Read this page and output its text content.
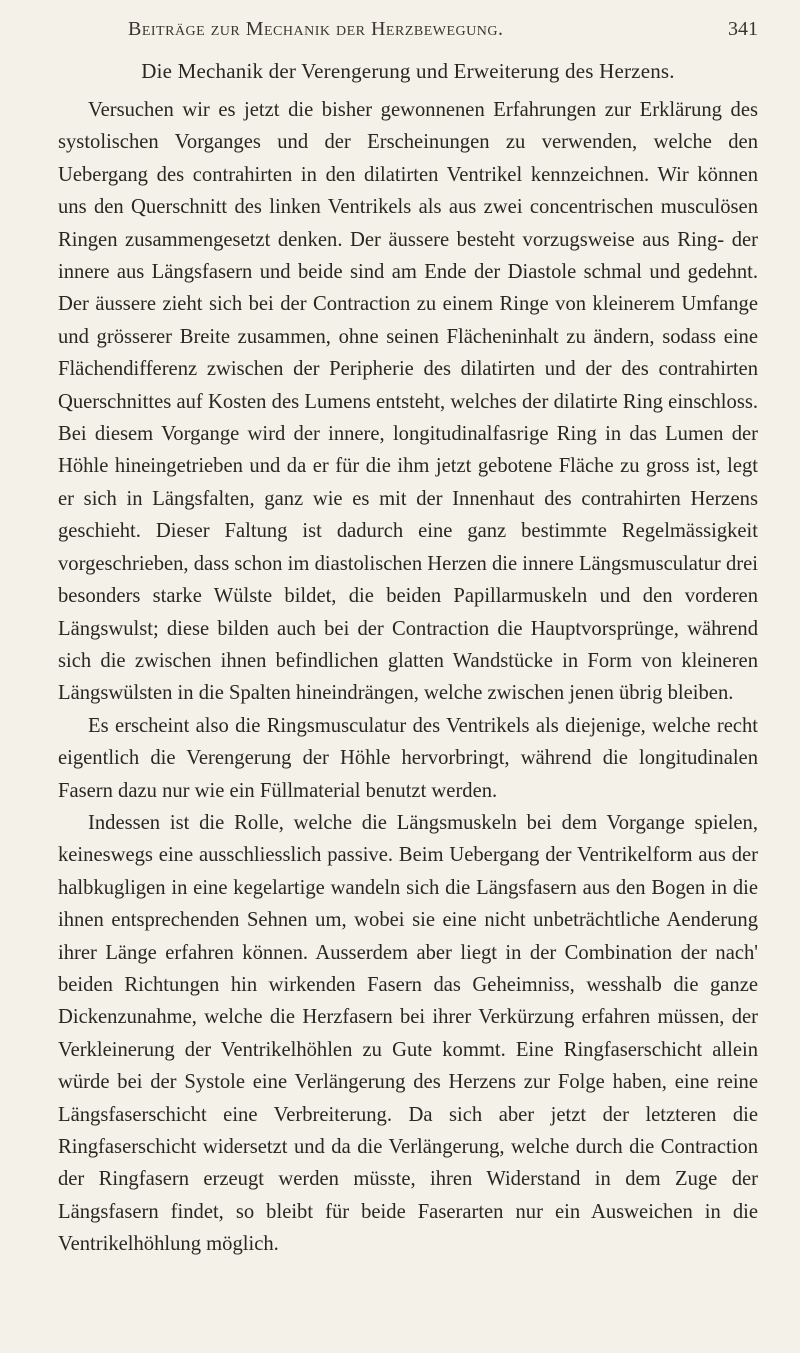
Beiträge zur Mechanik der Herzbewegung.	341
Die Mechanik der Verengerung und Erweiterung des Herzens.

Versuchen wir es jetzt die bisher gewonnenen Erfahrungen zur Erklärung des systolischen Vorganges und der Erscheinungen zu verwenden, welche den Uebergang des contrahirten in den dilatirten Ventrikel kennzeichnen. Wir können uns den Querschnitt des linken Ventrikels als aus zwei concentrischen musculösen Ringen zusammengesetzt denken. Der äussere besteht vorzugsweise aus Ring- der innere aus Längsfasern und beide sind am Ende der Diastole schmal und gedehnt. Der äussere zieht sich bei der Contraction zu einem Ringe von kleinerem Umfange und grösserer Breite zusammen, ohne seinen Flächeninhalt zu ändern, sodass eine Flächendifferenz zwischen der Peripherie des dilatirten und der des contrahirten Querschnittes auf Kosten des Lumens entsteht, welches der dilatirte Ring einschloss. Bei diesem Vorgange wird der innere, longitudinalfasrige Ring in das Lumen der Höhle hineingetrieben und da er für die ihm jetzt gebotene Fläche zu gross ist, legt er sich in Längsfalten, ganz wie es mit der Innenhaut des contrahirten Herzens geschieht. Dieser Faltung ist dadurch eine ganz bestimmte Regelmässigkeit vorgeschrieben, dass schon im diastolischen Herzen die innere Längsmusculatur drei besonders starke Wülste bildet, die beiden Papillarmuskeln und den vorderen Längswulst; diese bilden auch bei der Contraction die Hauptvorsprünge, während sich die zwischen ihnen befindlichen glatten Wandstücke in Form von kleineren Längswülsten in die Spalten hineindrängen, welche zwischen jenen übrig bleiben.

Es erscheint also die Ringsmusculatur des Ventrikels als diejenige, welche recht eigentlich die Verengerung der Höhle hervorbringt, während die longitudinalen Fasern dazu nur wie ein Füllmaterial benutzt werden.

Indessen ist die Rolle, welche die Längsmuskeln bei dem Vorgange spielen, keineswegs eine ausschliesslich passive. Beim Uebergang der Ventrikelform aus der halbkugligen in eine kegelartige wandeln sich die Längsfasern aus den Bogen in die ihnen entsprechenden Sehnen um, wobei sie eine nicht unbeträchtliche Aenderung ihrer Länge erfahren können. Ausserdem aber liegt in der Combination der nach' beiden Richtungen hin wirkenden Fasern das Geheimniss, wesshalb die ganze Dickenzunahme, welche die Herzfasern bei ihrer Verkürzung erfahren müssen, der Verkleinerung der Ventrikelhöhlen zu Gute kommt. Eine Ringfaserschicht allein würde bei der Systole eine Verlängerung des Herzens zur Folge haben, eine reine Längsfaserschicht eine Verbreiterung. Da sich aber jetzt der letzteren die Ringfaserschicht widersetzt und da die Verlängerung, welche durch die Contraction der Ringfasern erzeugt werden müsste, ihren Widerstand in dem Zuge der Längsfasern findet, so bleibt für beide Faserarten nur ein Ausweichen in die Ventrikelhöhlung möglich.
